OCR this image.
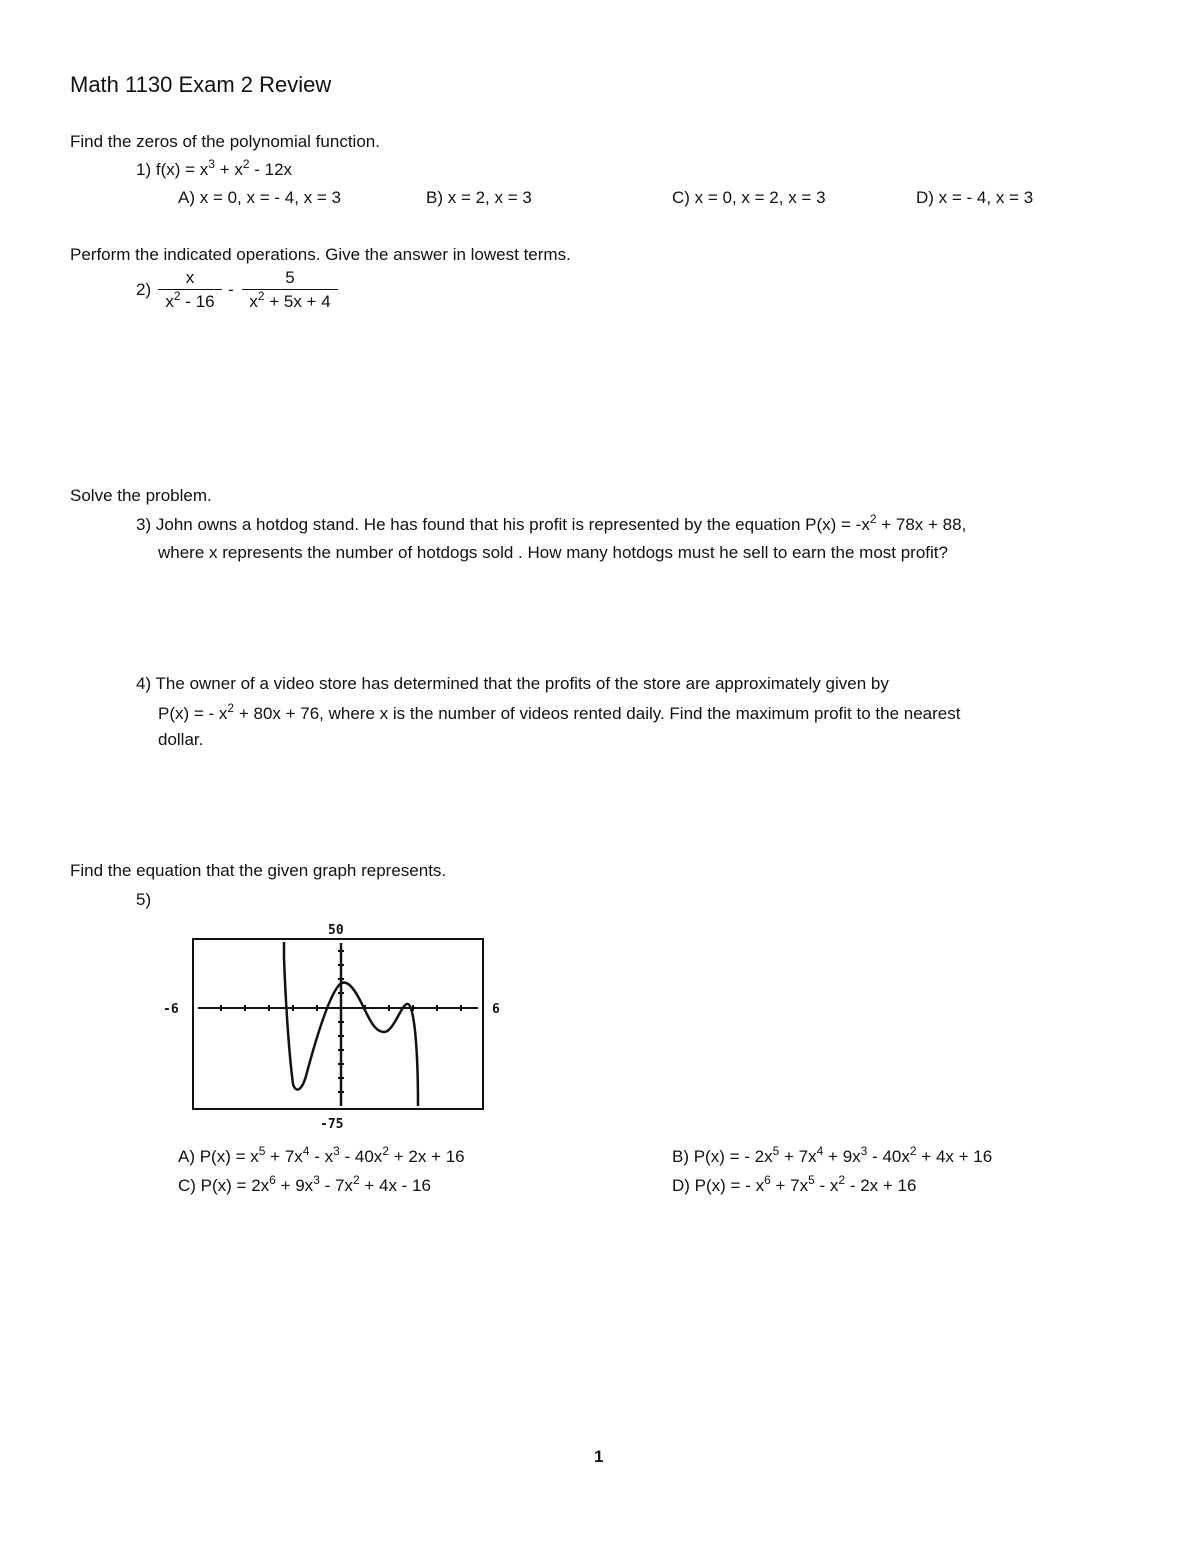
Math 1130 Exam 2 Review
Find the zeros of the polynomial function.
1) $f(x) = x^3 + x^2 - 12x$
A) x = 0, x = - 4, x = 3	B) x = 2, x = 3	C) x = 0, x = 2, x = 3	D) x = - 4, x = 3
Perform the indicated operations. Give the answer in lowest terms.
$2) \frac{x}{x^2 - 16} - \frac{5}{x^2 + 5x + 4}$
Solve the problem.
3) John owns a hotdog stand. He has found that his profit is represented by the equation $P(x) = -x^2 + 78x + 88$,
where x represents the number of hotdogs sold . How many hotdogs must he sell to earn the most profit?
4) The owner of a video store has determined that the profits of the store are approximately given by
P(x) = - $x^2 + 80x + 76$, where x is the number of videos rented daily. Find the maximum profit to the nearest
dollar.
Find the equation that the given graph represents.
5)
50
-75
-6	6
A) $P(x) = x^5 + 7x^4 - x^3 - 40x^2 + 2x + 16$	B) P(x) = - $2x^5 + 7x^4 + 9x^3 - 40x^2 + 4x + 16$
C) $P(x) = 2x^6 + 9x^3 - 7x^2 + 4x - 16$	D) P(x) = - $x^6 + 7x^5 - x^2 - 2x + 16$
1
